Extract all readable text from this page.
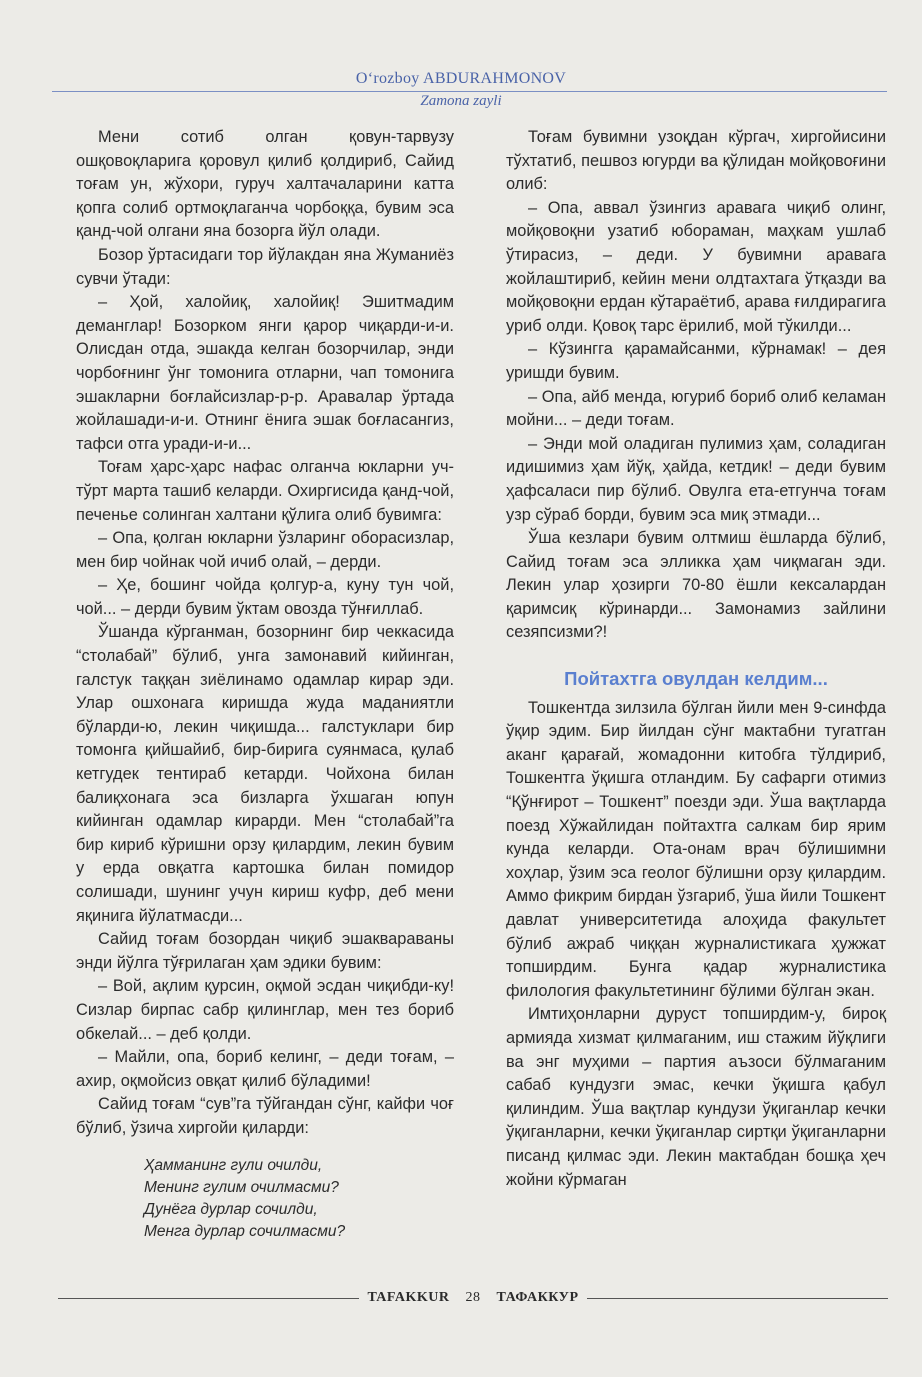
O‘rozboy ABDURAHMONOV
Zamona zayli

Мени сотиб олган қовун-тарвузу ошқовоқларига қоровул қилиб қолдириб, Сайид тоғам ун, жўхори, гуруч халтачаларини катта қопга солиб ортмоқлаганча чорбоққа, бувим эса қанд-чой олгани яна бозорга йўл олади.

Бозор ўртасидаги тор йўлакдан яна Жуманиёз сувчи ўтади:

– Ҳой, халойиқ, халойиқ! Эшитмадим деманглар! Бозорком янги қарор чиқарди-и-и. Олисдан отда, эшакда келган бозорчилар, энди чорбоғнинг ўнг томонига отларни, чап томонига эшакларни боғлайсизлар-р-р. Аравалар ўртада жойлашади-и-и. Отнинг ёнига эшак боғласангиз, тафси отга уради-и-и...

Тоғам ҳарс-ҳарс нафас олганча юкларни уч-тўрт марта ташиб келарди. Охиргисида қанд-чой, печенье солинган халтани қўлига олиб бувимга:

– Опа, қолган юкларни ўзларинг оборасизлар, мен бир чойнак чой ичиб олай, – дерди.

– Ҳе, бошинг чойда қолгур-а, куну тун чой, чой... – дерди бувим ўктам овозда тўнғиллаб.

Ўшанда кўрганман, бозорнинг бир чеккасида “столабай” бўлиб, унга замонавий кийинган, галстук таққан зиёлинамо одамлар кирар эди. Улар ошхонага киришда жуда маданиятли бўларди-ю, лекин чиқишда... галстуклари бир томонга қийшайиб, бир-бирига суянмаса, қулаб кетгудек тентираб кетарди. Чойхона билан балиқхонага эса бизларга ўхшаган юпун кийинган одамлар кирарди. Мен “столабай”га бир кириб кўришни орзу қилардим, лекин бувим у ерда овқатга картошка билан помидор солишади, шунинг учун кириш куфр, деб мени яқинига йўлатмасди...

Сайид тоғам бозордан чиқиб эшаквараваны энди йўлга тўғрилаган ҳам эдики бувим:

– Вой, ақлим қурсин, оқмой эсдан чиқибди-ку! Сизлар бирпас сабр қилинглар, мен тез бориб обкелай... – деб қолди.

– Майли, опа, бориб келинг, – деди тоғам, – ахир, оқмойсиз овқат қилиб бўладими!

Сайид тоғам “сув”га тўйгандан сўнг, кайфи чоғ бўлиб, ўзича хиргойи қиларди:

Ҳамманинг гули очилди,
Менинг гулим очилмасми?
Дунёга дурлар сочилди,
Менга дурлар сочилмасми?

Тоғам бувимни узоқдан кўргач, хиргойисини тўхтатиб, пешвоз югурди ва қўлидан мойқовоғини олиб:

– Опа, аввал ўзингиз аравага чиқиб олинг, мойқовоқни узатиб юбораман, маҳкам ушлаб ўтирасиз, – деди. У бувимни аравага жойлаштириб, кейин мени олдтахтага ўтқазди ва мойқовоқни ердан кўтараётиб, арава ғилдирагига уриб олди. Қовоқ тарс ёрилиб, мой тўкилди...

– Кўзингга қарамайсанми, кўрнамак! – дея уришди бувим.

– Опа, айб менда, югуриб бориб олиб келаман мойни... – деди тоғам.

– Энди мой оладиган пулимиз ҳам, соладиган идишимиз ҳам йўқ, ҳайда, кетдик! – деди бувим ҳафсаласи пир бўлиб. Овулга ета-етгунча тоғам узр сўраб борди, бувим эса миқ этмади...

Ўша кезлари бувим олтмиш ёшларда бўлиб, Сайид тоғам эса элликка ҳам чиқмаган эди. Лекин улар ҳозирги 70-80 ёшли кексалардан қаримсиқ кўринарди... Замонамиз зайлини сезяпсизми?!

Пойтахтга овулдан келдим...

Тошкентда зилзила бўлган йили мен 9-синфда ўқир эдим. Бир йилдан сўнг мактабни тугатган аканг қарағай, жомадонни китобга тўлдириб, Тошкентга ўқишга отландим. Бу сафарги отимиз “Қўнғирот – Тошкент” поезди эди. Ўша вақтларда поезд Хўжайлидан пойтахтга салкам бир ярим кунда келарди. Ота-онам врач бўлишимни хоҳлар, ўзим эса геолог бўлишни орзу қилардим. Аммо фикрим бирдан ўзгариб, ўша йили Тошкент давлат университетида алоҳида факультет бўлиб ажраб чиққан журналистикага ҳужжат топширдим. Бунга қадар журналистика филология факультетининг бўлими бўлган экан.

Имтиҳонларни дуруст топширдим-у, бироқ армияда хизмат қилмаганим, иш стажим йўқлиги ва энг муҳими – партия аъзоси бўлмаганим сабаб кундузги эмас, кечки ўқишга қабул қилиндим. Ўша вақтлар кундузи ўқиганлар кечки ўқиганларни, кечки ўқиганлар сиртқи ўқиганларни писанд қилмас эди. Лекин мактабдан бошқа ҳеч жойни кўрмаган

TAFAKKUR	28	ТАФАККУР
